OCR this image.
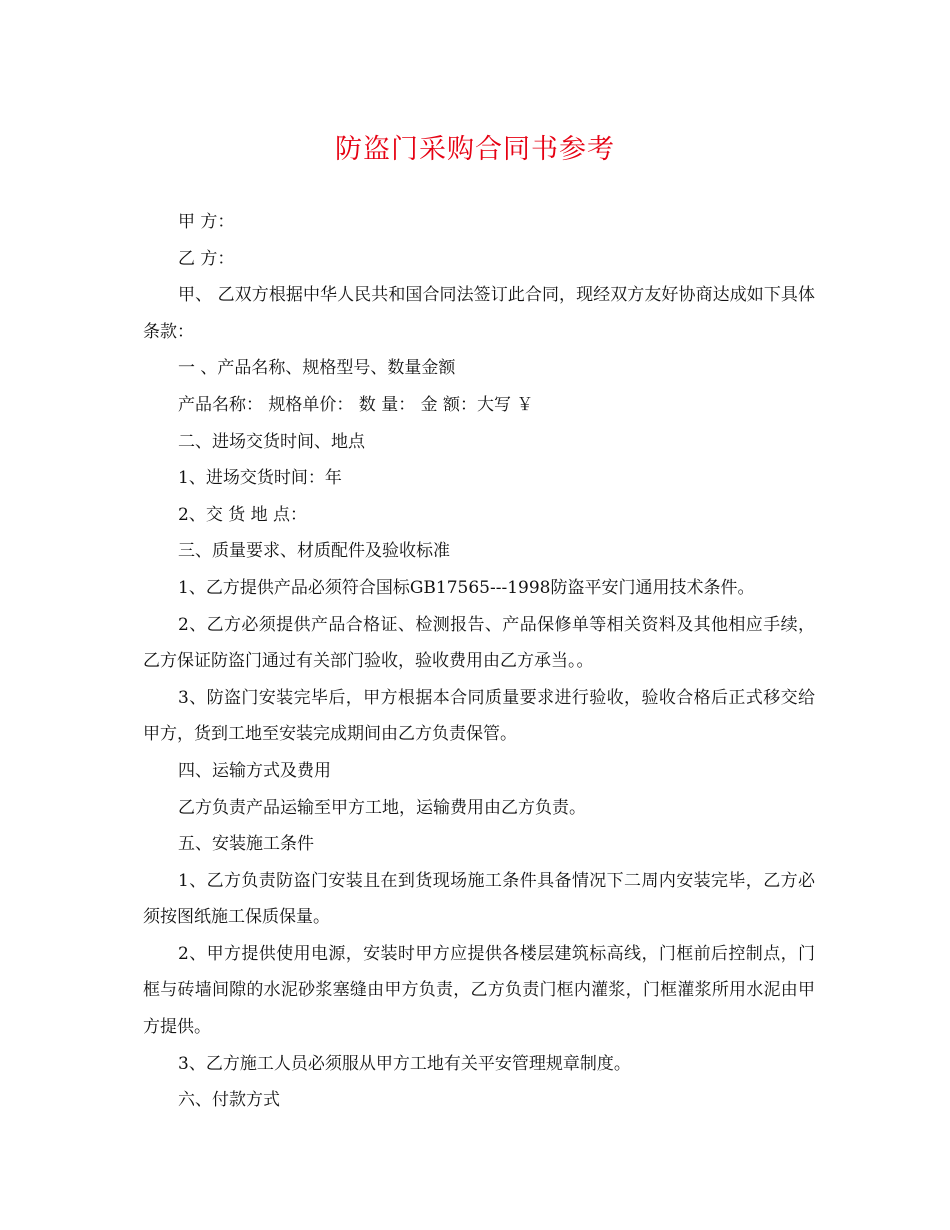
防盗门采购合同书参考

甲 方：

乙 方：

甲、 乙双方根据中华人民共和国合同法签订此合同，现经双方友好协商达成如下具体条款：

一 、产品名称、规格型号、数量金额

产品名称： 规格单价： 数 量： 金 额：大写 ￥

二、进场交货时间、地点

1、进场交货时间：年

2、交 货 地 点：

三、质量要求、材质配件及验收标准

1、乙方提供产品必须符合国标GB17565---1998防盗平安门通用技术条件。

2、乙方必须提供产品合格证、检测报告、产品保修单等相关资料及其他相应手续，乙方保证防盗门通过有关部门验收，验收费用由乙方承当。。

3、防盗门安装完毕后，甲方根据本合同质量要求进行验收，验收合格后正式移交给甲方，货到工地至安装完成期间由乙方负责保管。

四、运输方式及费用

乙方负责产品运输至甲方工地，运输费用由乙方负责。

五、安装施工条件

1、乙方负责防盗门安装且在到货现场施工条件具备情况下二周内安装完毕，乙方必须按图纸施工保质保量。

2、甲方提供使用电源，安装时甲方应提供各楼层建筑标高线，门框前后控制点，门框与砖墙间隙的水泥砂浆塞缝由甲方负责，乙方负责门框内灌浆，门框灌浆所用水泥由甲方提供。

3、乙方施工人员必须服从甲方工地有关平安管理规章制度。

六、付款方式
